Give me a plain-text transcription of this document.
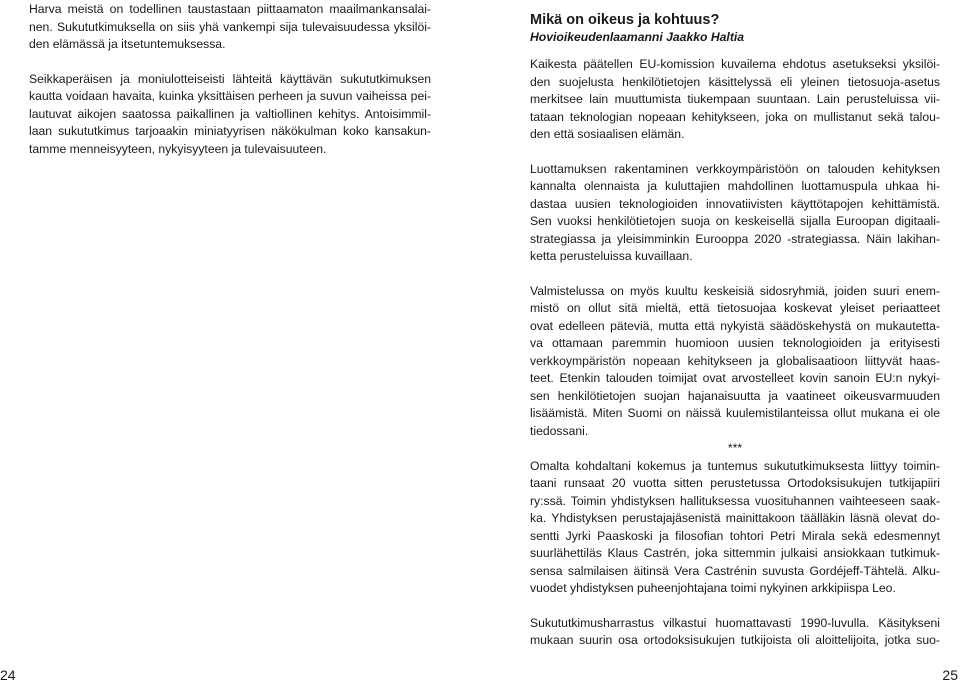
Harva meistä on todellinen taustastaan piittaamaton maailmankansalai-

nen. Sukututkimuksella on siis yhä vankempi sija tulevaisuudessa yksilöi-

den elämässä ja itsetuntemuksessa.

Seikkaperäisen ja moniulotteiseisti lähteitä käyttävän sukututkimuksen

kautta voidaan havaita, kuinka yksittäisen perheen ja suvun vaiheissa pei-

lautuvat aikojen saatossa paikallinen ja valtiollinen kehitys. Antoisimmil-

laan sukututkimus tarjoaakin miniatyyrisen näkökulman koko kansakun-

tamme menneisyyteen, nykyisyyteen ja tulevaisuuteen.

24
Mikä on oikeus ja kohtuus?

Hovioikeudenlaamanni Jaakko Haltia

Kaikesta päätellen EU-komission kuvailema ehdotus asetukseksi yksilöi-

den suojelusta henkilötietojen käsittelyssä eli yleinen tietosuoja-asetus

merkitsee lain muuttumista tiukempaan suuntaan. Lain perusteluissa vii-

tataan teknologian nopeaan kehitykseen, joka on mullistanut sekä talou-

den että sosiaalisen elämän.

Luottamuksen rakentaminen verkkoympäristöön on talouden kehityksen

kannalta olennaista ja kuluttajien mahdollinen luottamuspula uhkaa hi-

dastaa uusien teknologioiden innovatiivisten käyttötapojen kehittämistä.

Sen vuoksi henkilötietojen suoja on keskeisellä sijalla Euroopan digitaali-

strategiassa ja yleisimminkin Eurooppa 2020 -strategiassa. Näin lakihan-

ketta perusteluissa kuvaillaan.

Valmistelussa on myös kuultu keskeisiä sidosryhmiä, joiden suuri enem-

mistö on ollut sitä mieltä, että tietosuojaa koskevat yleiset periaatteet

ovat edelleen päteviä, mutta että nykyistä säädöskehystä on mukautetta-

va ottamaan paremmin huomioon uusien teknologioiden ja erityisesti

verkkoympäristön nopeaan kehitykseen ja globalisaatioon liittyvät haas-

teet. Etenkin talouden toimijat ovat arvostelleet kovin sanoin EU:n nykyi-

sen henkilötietojen suojan hajanaisuutta ja vaatineet oikeusvarmuuden

lisäämistä. Miten Suomi on näissä kuulemistilanteissa ollut mukana ei ole

tiedossani.

***

Omalta kohdaltani kokemus ja tuntemus sukututkimuksesta liittyy toimin-

taani runsaat 20 vuotta sitten perustetussa Ortodoksisukujen tutkijapiiri

ry:ssä. Toimin yhdistyksen hallituksessa vuosituhannen vaihteeseen saak-

ka. Yhdistyksen perustajajäsenistä mainittakoon täälläkin läsnä olevat do-

sentti Jyrki Paaskoski ja filosofian tohtori Petri Mirala sekä edesmennyt

suurlähettiläs Klaus Castrén, joka sittemmin julkaisi ansiokkaan tutkimuk-

sensa salmilaisen äitinsä Vera Castrénin suvusta Gordéjeff-Tähtelä. Alku-

vuodet yhdistyksen puheenjohtajana toimi nykyinen arkkipiispa Leo.

Sukututkimusharrastus vilkastui huomattavasti 1990-luvulla. Käsitykseni

mukaan suurin osa ortodoksisukujen tutkijoista oli aloittelijoita, jotka suo-

25
